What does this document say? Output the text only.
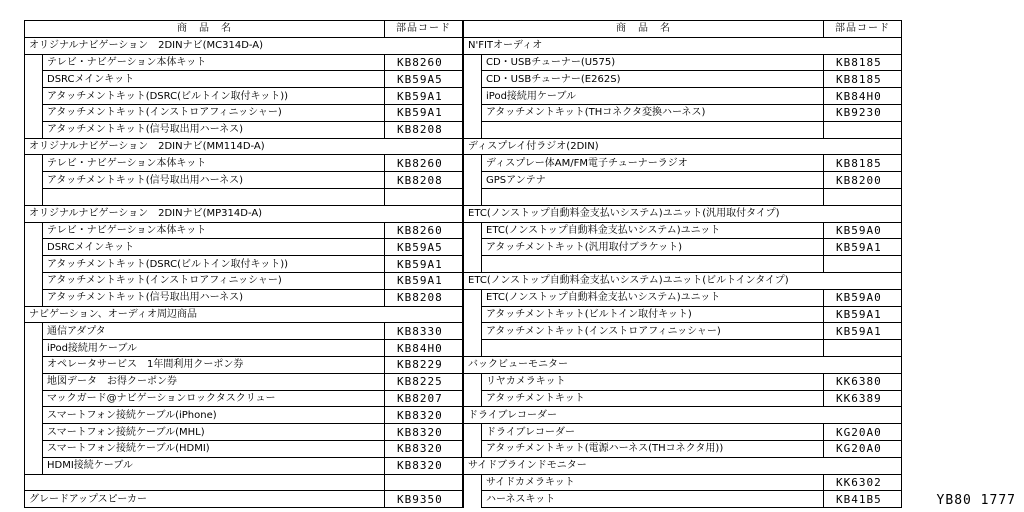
商　品　名		部品コード
オリジナルナビゲーション　2DINナビ(MC314D-A)		
	テレビ・ナビゲーション本体キット	KB8260
	DSRCメインキット	KB59A5
	アタッチメントキット(DSRC(ビルトイン取付キット))	KB59A1
	アタッチメントキット(インストロアフィニッシャー)	KB59A1
	アタッチメントキット(信号取出用ハーネス)	KB8208
オリジナルナビゲーション　2DINナビ(MM114D-A)		
	テレビ・ナビゲーション本体キット	KB8260
	アタッチメントキット(信号取出用ハーネス)	KB8208

オリジナルナビゲーション　2DINナビ(MP314D-A)		
	テレビ・ナビゲーション本体キット	KB8260
	DSRCメインキット	KB59A5
	アタッチメントキット(DSRC(ビルトイン取付キット))	KB59A1
	アタッチメントキット(インストロアフィニッシャー)	KB59A1
	アタッチメントキット(信号取出用ハーネス)	KB8208
ナビゲーション、オーディオ周辺商品		
	通信アダプタ	KB8330
	iPod接続用ケーブル	KB84H0
	オペレータサービス　1年間利用クーポン券	KB8229
	地図データ　お得クーポン券	KB8225
	マックガード@ナビゲーションロックタスクリュー	KB8207
	スマートフォン接続ケーブル(iPhone)	KB8320
	スマートフォン接続ケーブル(MHL)	KB8320
	スマートフォン接続ケーブル(HDMI)	KB8320
	HDMI接続ケーブル	KB8320

グレードアップスピーカー		KB9350
商　品　名		部品コード
N'FITオーディオ		
	CD・USBチューナー(U575)	KB8185
	CD・USBチューナー(E262S)	KB8185
	iPod接続用ケーブル	KB84H0
	アタッチメントキット(THコネクタ変換ハーネス)	KB9230

ディスプレイ付ラジオ(2DIN)		
	ディスプレー体AM/FM電子チューナーラジオ	KB8185
	GPSアンテナ	KB8200

ETC(ノンストップ自動料金支払いシステム)ユニット(汎用取付タイプ)		
	ETC(ノンストップ自動料金支払いシステム)ユニット	KB59A0
	アタッチメントキット(汎用取付ブラケット)	KB59A1

ETC(ノンストップ自動料金支払いシステム)ユニット(ビルトインタイプ)		
	ETC(ノンストップ自動料金支払いシステム)ユニット	KB59A0
	アタッチメントキット(ビルトイン取付キット)	KB59A1
	アタッチメントキット(インストロアフィニッシャー)	KB59A1

バックビューモニター		
	リヤカメラキット	KK6380
	アタッチメントキット	KK6389
ドライブレコーダー		
	ドライブレコーダー	KG20A0
	アタッチメントキット(電源ハーネス(THコネクタ用))	KG20A0
サイドブラインドモニター		
	サイドカメラキット	KK6302
	ハーネスキット	KB41B5	YB80 1777
